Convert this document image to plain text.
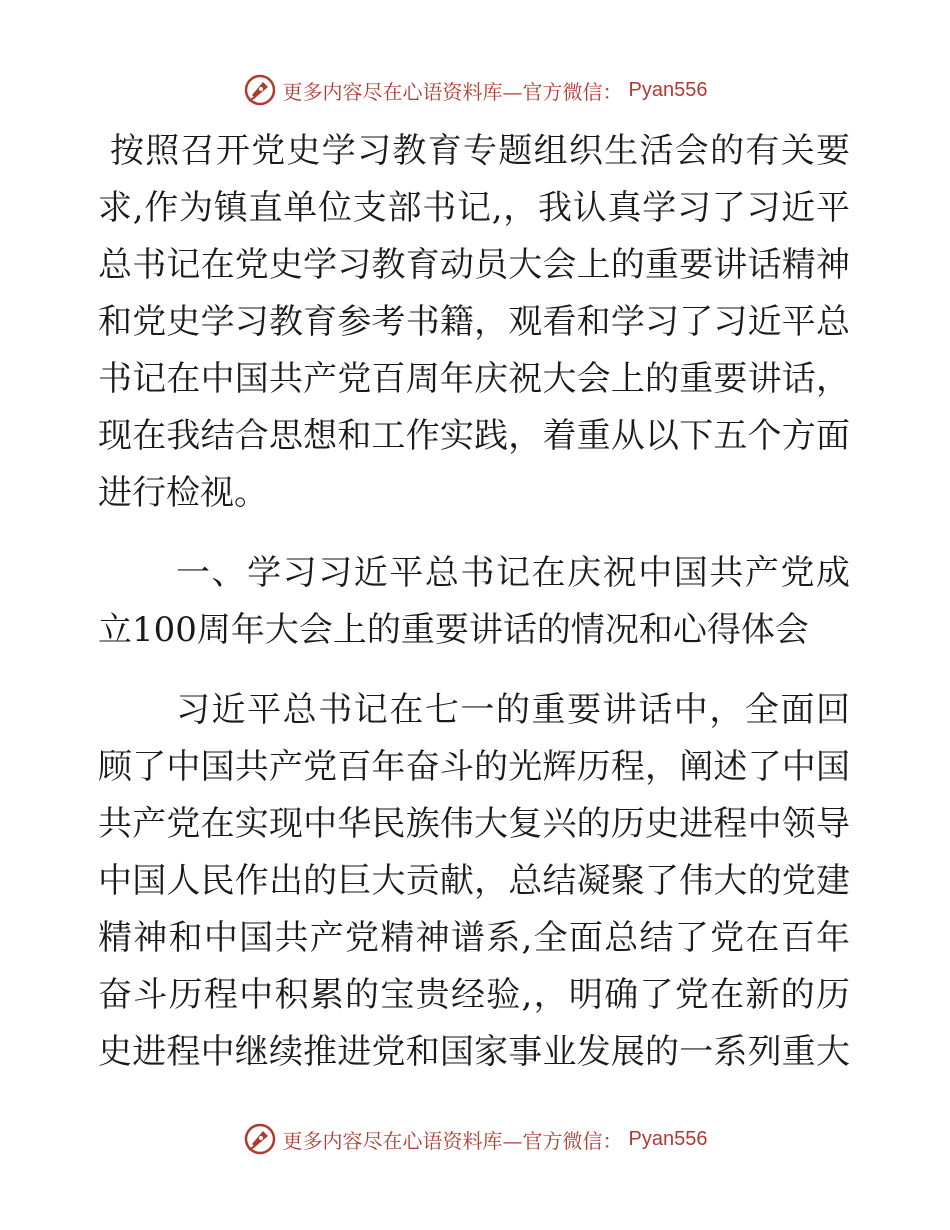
更多内容尽在心语资料库—官方微信： Pyan556
按照召开党史学习教育专题组织生活会的有关要
求,作为镇直单位支部书记,，我认真学习了习近平
总书记在党史学习教育动员大会上的重要讲话精神
和党史学习教育参考书籍，观看和学习了习近平总
书记在中国共产党百周年庆祝大会上的重要讲话，
现在我结合思想和工作实践，着重从以下五个方面
进行检视。
一、学习习近平总书记在庆祝中国共产党成
立100周年大会上的重要讲话的情况和心得体会
习近平总书记在七一的重要讲话中，全面回
顾了中国共产党百年奋斗的光辉历程，阐述了中国
共产党在实现中华民族伟大复兴的历史进程中领导
中国人民作出的巨大贡献，总结凝聚了伟大的党建
精神和中国共产党精神谱系,全面总结了党在百年
奋斗历程中积累的宝贵经验,，明确了党在新的历
史进程中继续推进党和国家事业发展的一系列重大
更多内容尽在心语资料库—官方微信： Pyan556
